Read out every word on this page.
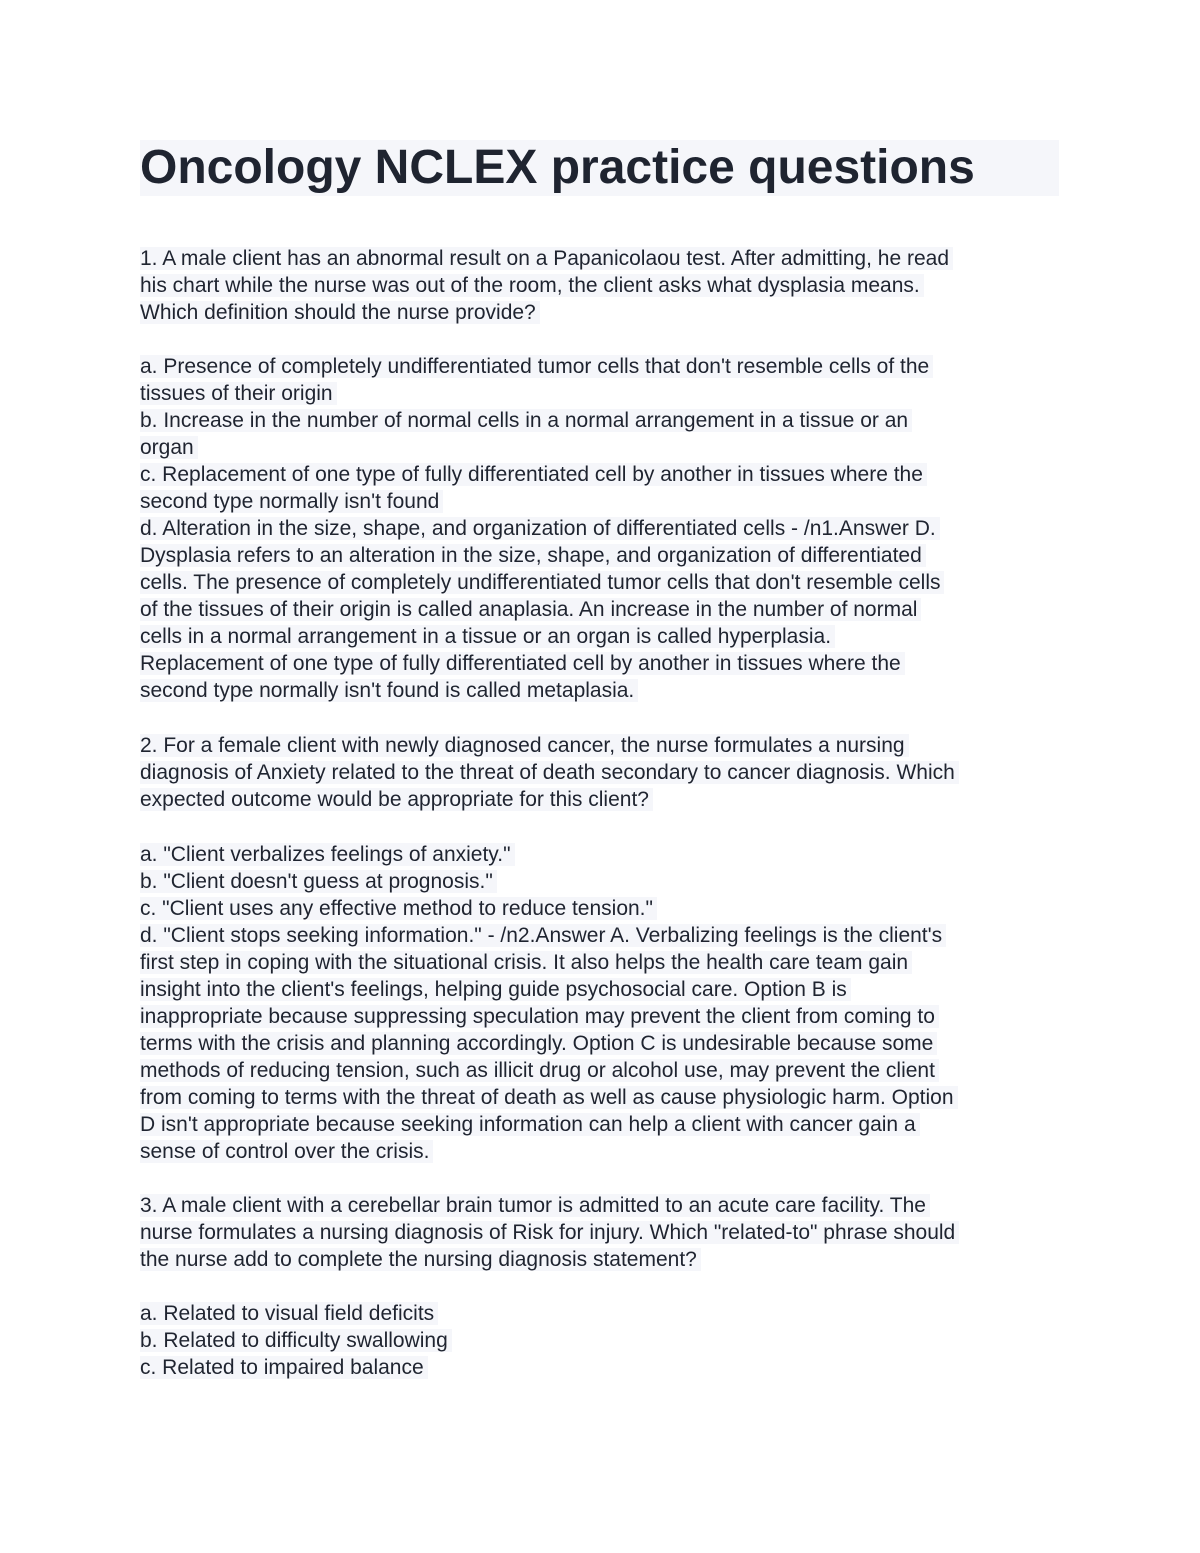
Oncology NCLEX practice questions
1. A male client has an abnormal result on a Papanicolaou test. After admitting, he read
his chart while the nurse was out of the room, the client asks what dysplasia means.
Which definition should the nurse provide?
a. Presence of completely undifferentiated tumor cells that don't resemble cells of the
tissues of their origin
b. Increase in the number of normal cells in a normal arrangement in a tissue or an
organ
c. Replacement of one type of fully differentiated cell by another in tissues where the
second type normally isn't found
d. Alteration in the size, shape, and organization of differentiated cells - /n1.Answer D.
Dysplasia refers to an alteration in the size, shape, and organization of differentiated
cells. The presence of completely undifferentiated tumor cells that don't resemble cells
of the tissues of their origin is called anaplasia. An increase in the number of normal
cells in a normal arrangement in a tissue or an organ is called hyperplasia.
Replacement of one type of fully differentiated cell by another in tissues where the
second type normally isn't found is called metaplasia.
2. For a female client with newly diagnosed cancer, the nurse formulates a nursing
diagnosis of Anxiety related to the threat of death secondary to cancer diagnosis. Which
expected outcome would be appropriate for this client?
a. "Client verbalizes feelings of anxiety."
b. "Client doesn't guess at prognosis."
c. "Client uses any effective method to reduce tension."
d. "Client stops seeking information." - /n2.Answer A. Verbalizing feelings is the client's
first step in coping with the situational crisis. It also helps the health care team gain
insight into the client's feelings, helping guide psychosocial care. Option B is
inappropriate because suppressing speculation may prevent the client from coming to
terms with the crisis and planning accordingly. Option C is undesirable because some
methods of reducing tension, such as illicit drug or alcohol use, may prevent the client
from coming to terms with the threat of death as well as cause physiologic harm. Option
D isn't appropriate because seeking information can help a client with cancer gain a
sense of control over the crisis.
3. A male client with a cerebellar brain tumor is admitted to an acute care facility. The
nurse formulates a nursing diagnosis of Risk for injury. Which "related-to" phrase should
the nurse add to complete the nursing diagnosis statement?
a. Related to visual field deficits
b. Related to difficulty swallowing
c. Related to impaired balance
